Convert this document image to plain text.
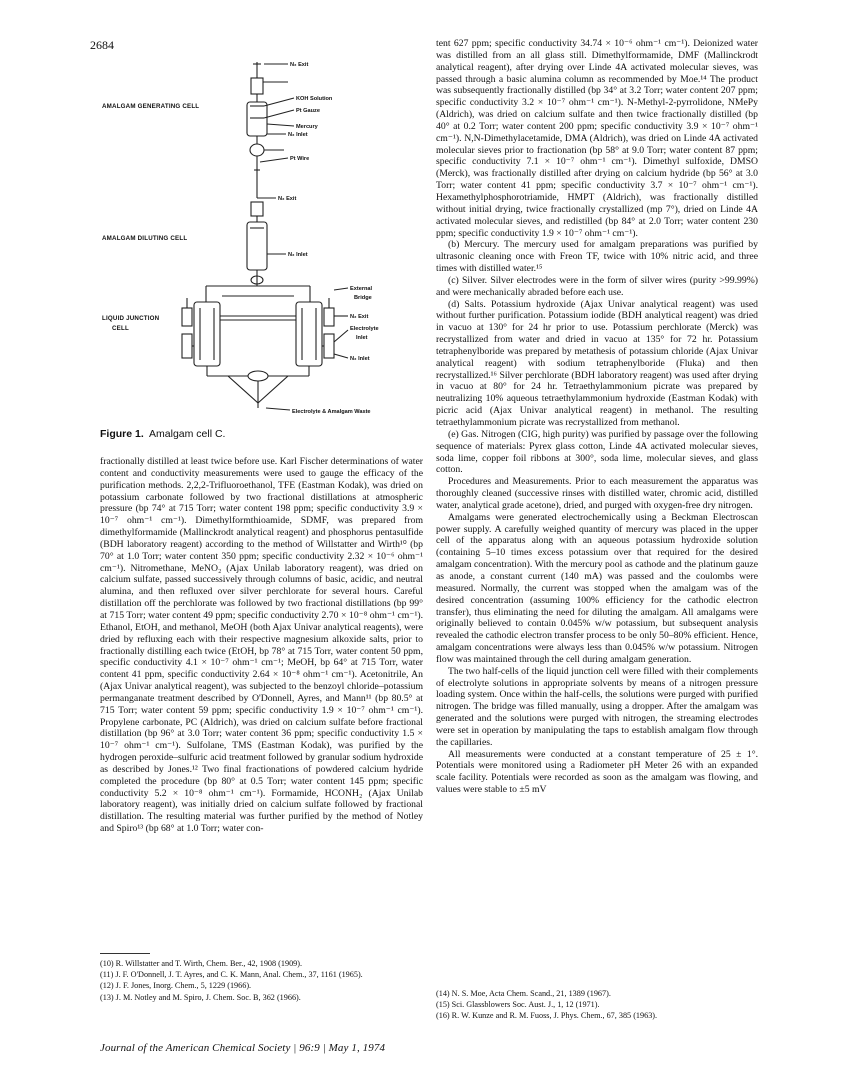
2684
AMALGAM GENERATING CELL
AMALGAM DILUTING CELL
LIQUID JUNCTION
CELL
N₂ Exit
KOH Solution
Pt Gauze
Mercury
N₂ Inlet
Pt Wire
N₂ Exit
N₂ Inlet
External
Bridge
N₂ Exit
Electrolyte
Inlet
N₂ Inlet
Electrolyte & Amalgam Waste
Figure 1. Amalgam cell C.

fractionally distilled at least twice before use. Karl Fischer determinations of water content and conductivity measurements were used to gauge the efficacy of the purification methods. 2,2,2-Trifluoroethanol, TFE (Eastman Kodak), was dried on potassium carbonate followed by two fractional distillations at atmospheric pressure (bp 74° at 715 Torr; water content 198 ppm; specific conductivity 3.9 × 10⁻⁷ ohm⁻¹ cm⁻¹). Dimethylformthioamide, SDMF, was prepared from dimethylformamide (Mallinckrodt analytical reagent) and phosphorus pentasulfide (BDH laboratory reagent) according to the method of Willstatter and Wirth¹⁰ (bp 70° at 1.0 Torr; water content 350 ppm; specific conductivity 2.32 × 10⁻⁶ ohm⁻¹ cm⁻¹). Nitromethane, MeNO₂ (Ajax Unilab laboratory reagent), was dried on calcium sulfate, passed successively through columns of basic, acidic, and neutral alumina, and then refluxed over silver perchlorate for several hours. Careful distillation off the perchlorate was followed by two fractional distillations (bp 99° at 715 Torr; water content 49 ppm; specific conductivity 2.70 × 10⁻⁸ ohm⁻¹ cm⁻¹). Ethanol, EtOH, and methanol, MeOH (both Ajax Univar analytical reagents), were dried by refluxing each with their respective magnesium alkoxide salts, prior to fractionally distilling each twice (EtOH, bp 78° at 715 Torr, water content 50 ppm, specific conductivity 4.1 × 10⁻⁷ ohm⁻¹ cm⁻¹; MeOH, bp 64° at 715 Torr, water content 41 ppm, specific conductivity 2.64 × 10⁻⁸ ohm⁻¹ cm⁻¹). Acetonitrile, An (Ajax Univar analytical reagent), was subjected to the benzoyl chloride–potassium permanganate treatment described by O'Donnell, Ayres, and Mann¹¹ (bp 80.5° at 715 Torr; water content 59 ppm; specific conductivity 1.9 × 10⁻⁷ ohm⁻¹ cm⁻¹). Propylene carbonate, PC (Aldrich), was dried on calcium sulfate before fractional distillation (bp 96° at 3.0 Torr; water content 36 ppm; specific conductivity 1.5 × 10⁻⁷ ohm⁻¹ cm⁻¹). Sulfolane, TMS (Eastman Kodak), was purified by the hydrogen peroxide–sulfuric acid treatment followed by granular sodium hydroxide as described by Jones.¹² Two final fractionations of powdered calcium hydride completed the procedure (bp 80° at 0.5 Torr; water content 145 ppm; specific conductivity 5.2 × 10⁻⁸ ohm⁻¹ cm⁻¹). Formamide, HCONH₂ (Ajax Unilab laboratory reagent), was initially dried on calcium sulfate followed by fractional distillation. The resulting material was further purified by the method of Notley and Spiro¹³ (bp 68° at 1.0 Torr; water con-

tent 627 ppm; specific conductivity 34.74 × 10⁻⁶ ohm⁻¹ cm⁻¹). Deionized water was distilled from an all glass still. Dimethylformamide, DMF (Mallinckrodt analytical reagent), after drying over Linde 4A activated molecular sieves, was passed through a basic alumina column as recommended by Moe.¹⁴ The product was subsequently fractionally distilled (bp 34° at 3.2 Torr; water content 207 ppm; specific conductivity 3.2 × 10⁻⁷ ohm⁻¹ cm⁻¹). N-Methyl-2-pyrrolidone, NMePy (Aldrich), was dried on calcium sulfate and then twice fractionally distilled (bp 40° at 0.2 Torr; water content 200 ppm; specific conductivity 3.9 × 10⁻⁷ ohm⁻¹ cm⁻¹). N,N-Dimethylacetamide, DMA (Aldrich), was dried on Linde 4A activated molecular sieves prior to fractionation (bp 58° at 9.0 Torr; water content 87 ppm; specific conductivity 7.1 × 10⁻⁷ ohm⁻¹ cm⁻¹). Dimethyl sulfoxide, DMSO (Merck), was fractionally distilled after drying on calcium hydride (bp 56° at 3.0 Torr; water content 41 ppm; specific conductivity 3.7 × 10⁻⁷ ohm⁻¹ cm⁻¹). Hexamethylphosphorotriamide, HMPT (Aldrich), was fractionally distilled without initial drying, twice fractionally crystallized (mp 7°), dried on Linde 4A activated molecular sieves, and redistilled (bp 84° at 2.0 Torr; water content 230 ppm; specific conductivity 1.9 × 10⁻⁷ ohm⁻¹ cm⁻¹).

(b) Mercury. The mercury used for amalgam preparations was purified by ultrasonic cleaning once with Freon TF, twice with 10% nitric acid, and three times with distilled water.¹⁵

(c) Silver. Silver electrodes were in the form of silver wires (purity >99.99%) and were mechanically abraded before each use.

(d) Salts. Potassium hydroxide (Ajax Univar analytical reagent) was used without further purification. Potassium iodide (BDH analytical reagent) was dried in vacuo at 130° for 24 hr prior to use. Potassium perchlorate (Merck) was recrystallized from water and dried in vacuo at 135° for 72 hr. Potassium tetraphenylboride was prepared by metathesis of potassium chloride (Ajax Univar analytical reagent) with sodium tetraphenylboride (Fluka) and then recrystallized.¹⁶ Silver perchlorate (BDH laboratory reagent) was used after drying in vacuo at 80° for 24 hr. Tetraethylammonium picrate was prepared by neutralizing 10% aqueous tetraethylammonium hydroxide (Eastman Kodak) with picric acid (Ajax Univar analytical reagent) in methanol. The resulting tetraethylammonium picrate was recrystallized from methanol.

(e) Gas. Nitrogen (CIG, high purity) was purified by passage over the following sequence of materials: Pyrex glass cotton, Linde 4A activated molecular sieves, soda lime, copper foil ribbons at 300°, soda lime, molecular sieves, and glass cotton.

Procedures and Measurements. Prior to each measurement the apparatus was thoroughly cleaned (successive rinses with distilled water, chromic acid, distilled water, analytical grade acetone), dried, and purged with oxygen-free dry nitrogen.

Amalgams were generated electrochemically using a Beckman Electroscan power supply. A carefully weighed quantity of mercury was placed in the upper cell of the apparatus along with an aqueous potassium hydroxide solution (containing 5–10 times excess potassium over that required for the desired amalgam concentration). With the mercury pool as cathode and the platinum gauze as anode, a constant current (140 mA) was passed and the coulombs were measured. Normally, the current was stopped when the amalgam was of the desired concentration (assuming 100% efficiency for the cathodic electron transfer), thus eliminating the need for diluting the amalgam. All amalgams were originally believed to contain 0.045% w/w potassium, but subsequent analysis revealed the cathodic electron transfer process to be only 50–80% efficient. Hence, amalgam concentrations were always less than 0.045% w/w potassium. Nitrogen flow was maintained through the cell during amalgam generation.

The two half-cells of the liquid junction cell were filled with their complements of electrolyte solutions in appropriate solvents by means of a nitrogen pressure loading system. Once within the half-cells, the solutions were purged with purified nitrogen. The bridge was filled manually, using a dropper. After the amalgam was generated and the solutions were purged with nitrogen, the streaming electrodes were set in operation by manipulating the taps to establish amalgam flow through the capillaries.

All measurements were conducted at a constant temperature of 25 ± 1°. Potentials were monitored using a Radiometer pH Meter 26 with an expanded scale facility. Potentials were recorded as soon as the amalgam was flowing, and values were stable to ±5 mV

(10) R. Willstatter and T. Wirth, Chem. Ber., 42, 1908 (1909).
(11) J. F. O'Donnell, J. T. Ayres, and C. K. Mann, Anal. Chem., 37, 1161 (1965).
(12) J. F. Jones, Inorg. Chem., 5, 1229 (1966).
(13) J. M. Notley and M. Spiro, J. Chem. Soc. B, 362 (1966).	(14) N. S. Moe, Acta Chem. Scand., 21, 1389 (1967).
(15) Sci. Glassblowers Soc. Aust. J., 1, 12 (1971).
(16) R. W. Kunze and R. M. Fuoss, J. Phys. Chem., 67, 385 (1963).
Journal of the American Chemical Society | 96:9 | May 1, 1974
